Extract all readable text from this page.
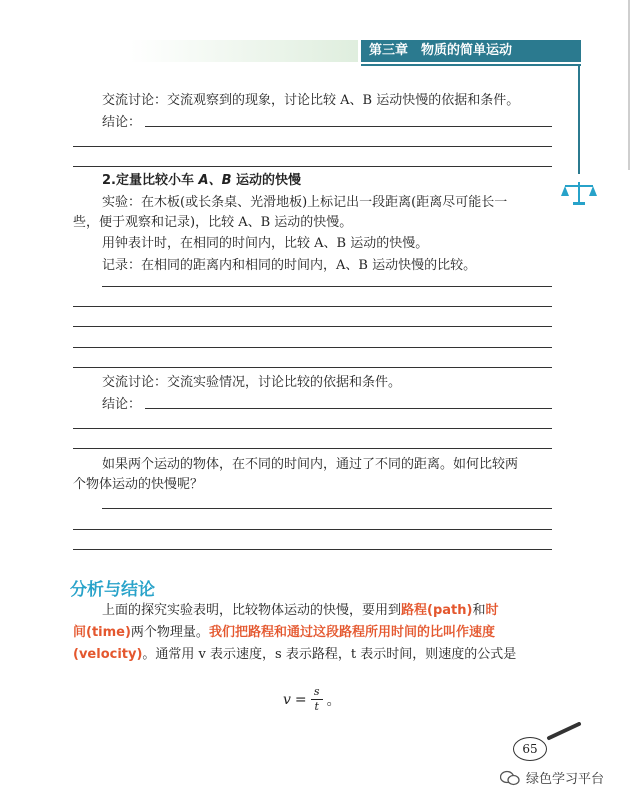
第三章　物质的简单运动
交流讨论：交流观察到的现象，讨论比较 A、B 运动快慢的依据和条件。
结论：
2.定量比较小车 A、B 运动的快慢
实验：在木板(或长条桌、光滑地板)上标记出一段距离(距离尽可能长一
些，便于观察和记录)，比较 A、B 运动的快慢。
用钟表计时，在相同的时间内，比较 A、B 运动的快慢。
记录：在相同的距离内和相同的时间内，A、B 运动快慢的比较。
交流讨论：交流实验情况，讨论比较的依据和条件。
结论：
如果两个运动的物体，在不同的时间内，通过了不同的距离。如何比较两
个物体运动的快慢呢？
分析与结论
上面的探究实验表明，比较物体运动的快慢，要用到路程(path)和时
间(time)两个物理量。我们把路程和通过这段路程所用时间的比叫作速度
(velocity)。通常用 v 表示速度，s 表示路程，t 表示时间，则速度的公式是
$v = \frac{s}{t}$ 。
65
绿色学习平台
